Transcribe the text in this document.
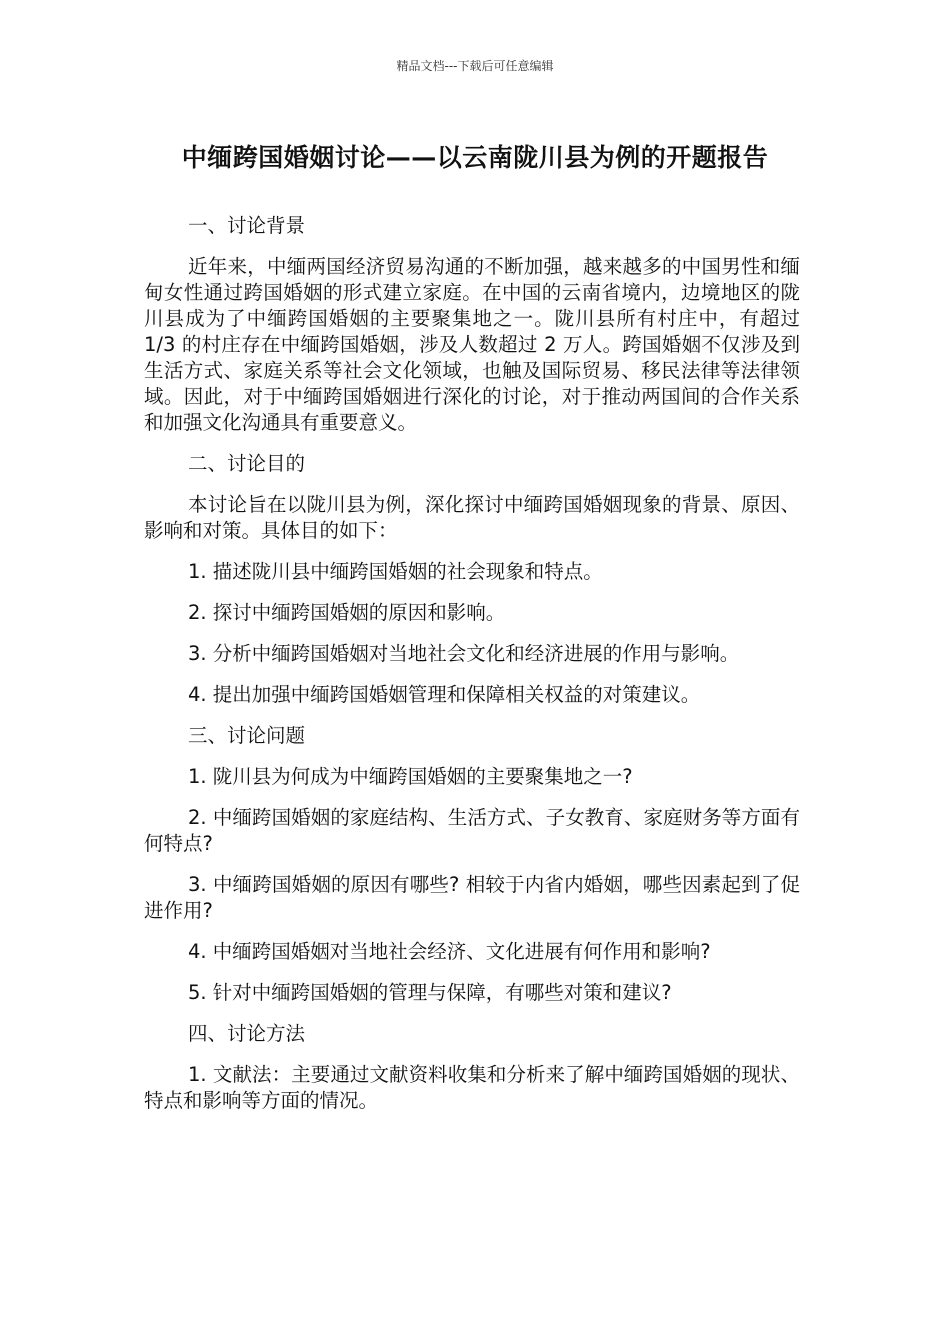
精品文档---下载后可任意编辑
中缅跨国婚姻讨论——以云南陇川县为例的开题报告

一、讨论背景

近年来，中缅两国经济贸易沟通的不断加强，越来越多的中国男性和缅甸女性通过跨国婚姻的形式建立家庭。在中国的云南省境内，边境地区的陇川县成为了中缅跨国婚姻的主要聚集地之一。陇川县所有村庄中，有超过 1/3 的村庄存在中缅跨国婚姻，涉及人数超过 2 万人。跨国婚姻不仅涉及到生活方式、家庭关系等社会文化领域，也触及国际贸易、移民法律等法律领域。因此，对于中缅跨国婚姻进行深化的讨论，对于推动两国间的合作关系和加强文化沟通具有重要意义。

二、讨论目的

本讨论旨在以陇川县为例，深化探讨中缅跨国婚姻现象的背景、原因、影响和对策。具体目的如下：

1. 描述陇川县中缅跨国婚姻的社会现象和特点。

2. 探讨中缅跨国婚姻的原因和影响。

3. 分析中缅跨国婚姻对当地社会文化和经济进展的作用与影响。

4. 提出加强中缅跨国婚姻管理和保障相关权益的对策建议。

三、讨论问题

1. 陇川县为何成为中缅跨国婚姻的主要聚集地之一?

2. 中缅跨国婚姻的家庭结构、生活方式、子女教育、家庭财务等方面有何特点?

3. 中缅跨国婚姻的原因有哪些? 相较于内省内婚姻，哪些因素起到了促进作用?

4. 中缅跨国婚姻对当地社会经济、文化进展有何作用和影响?

5. 针对中缅跨国婚姻的管理与保障，有哪些对策和建议?

四、讨论方法

1. 文献法：主要通过文献资料收集和分析来了解中缅跨国婚姻的现状、特点和影响等方面的情况。
